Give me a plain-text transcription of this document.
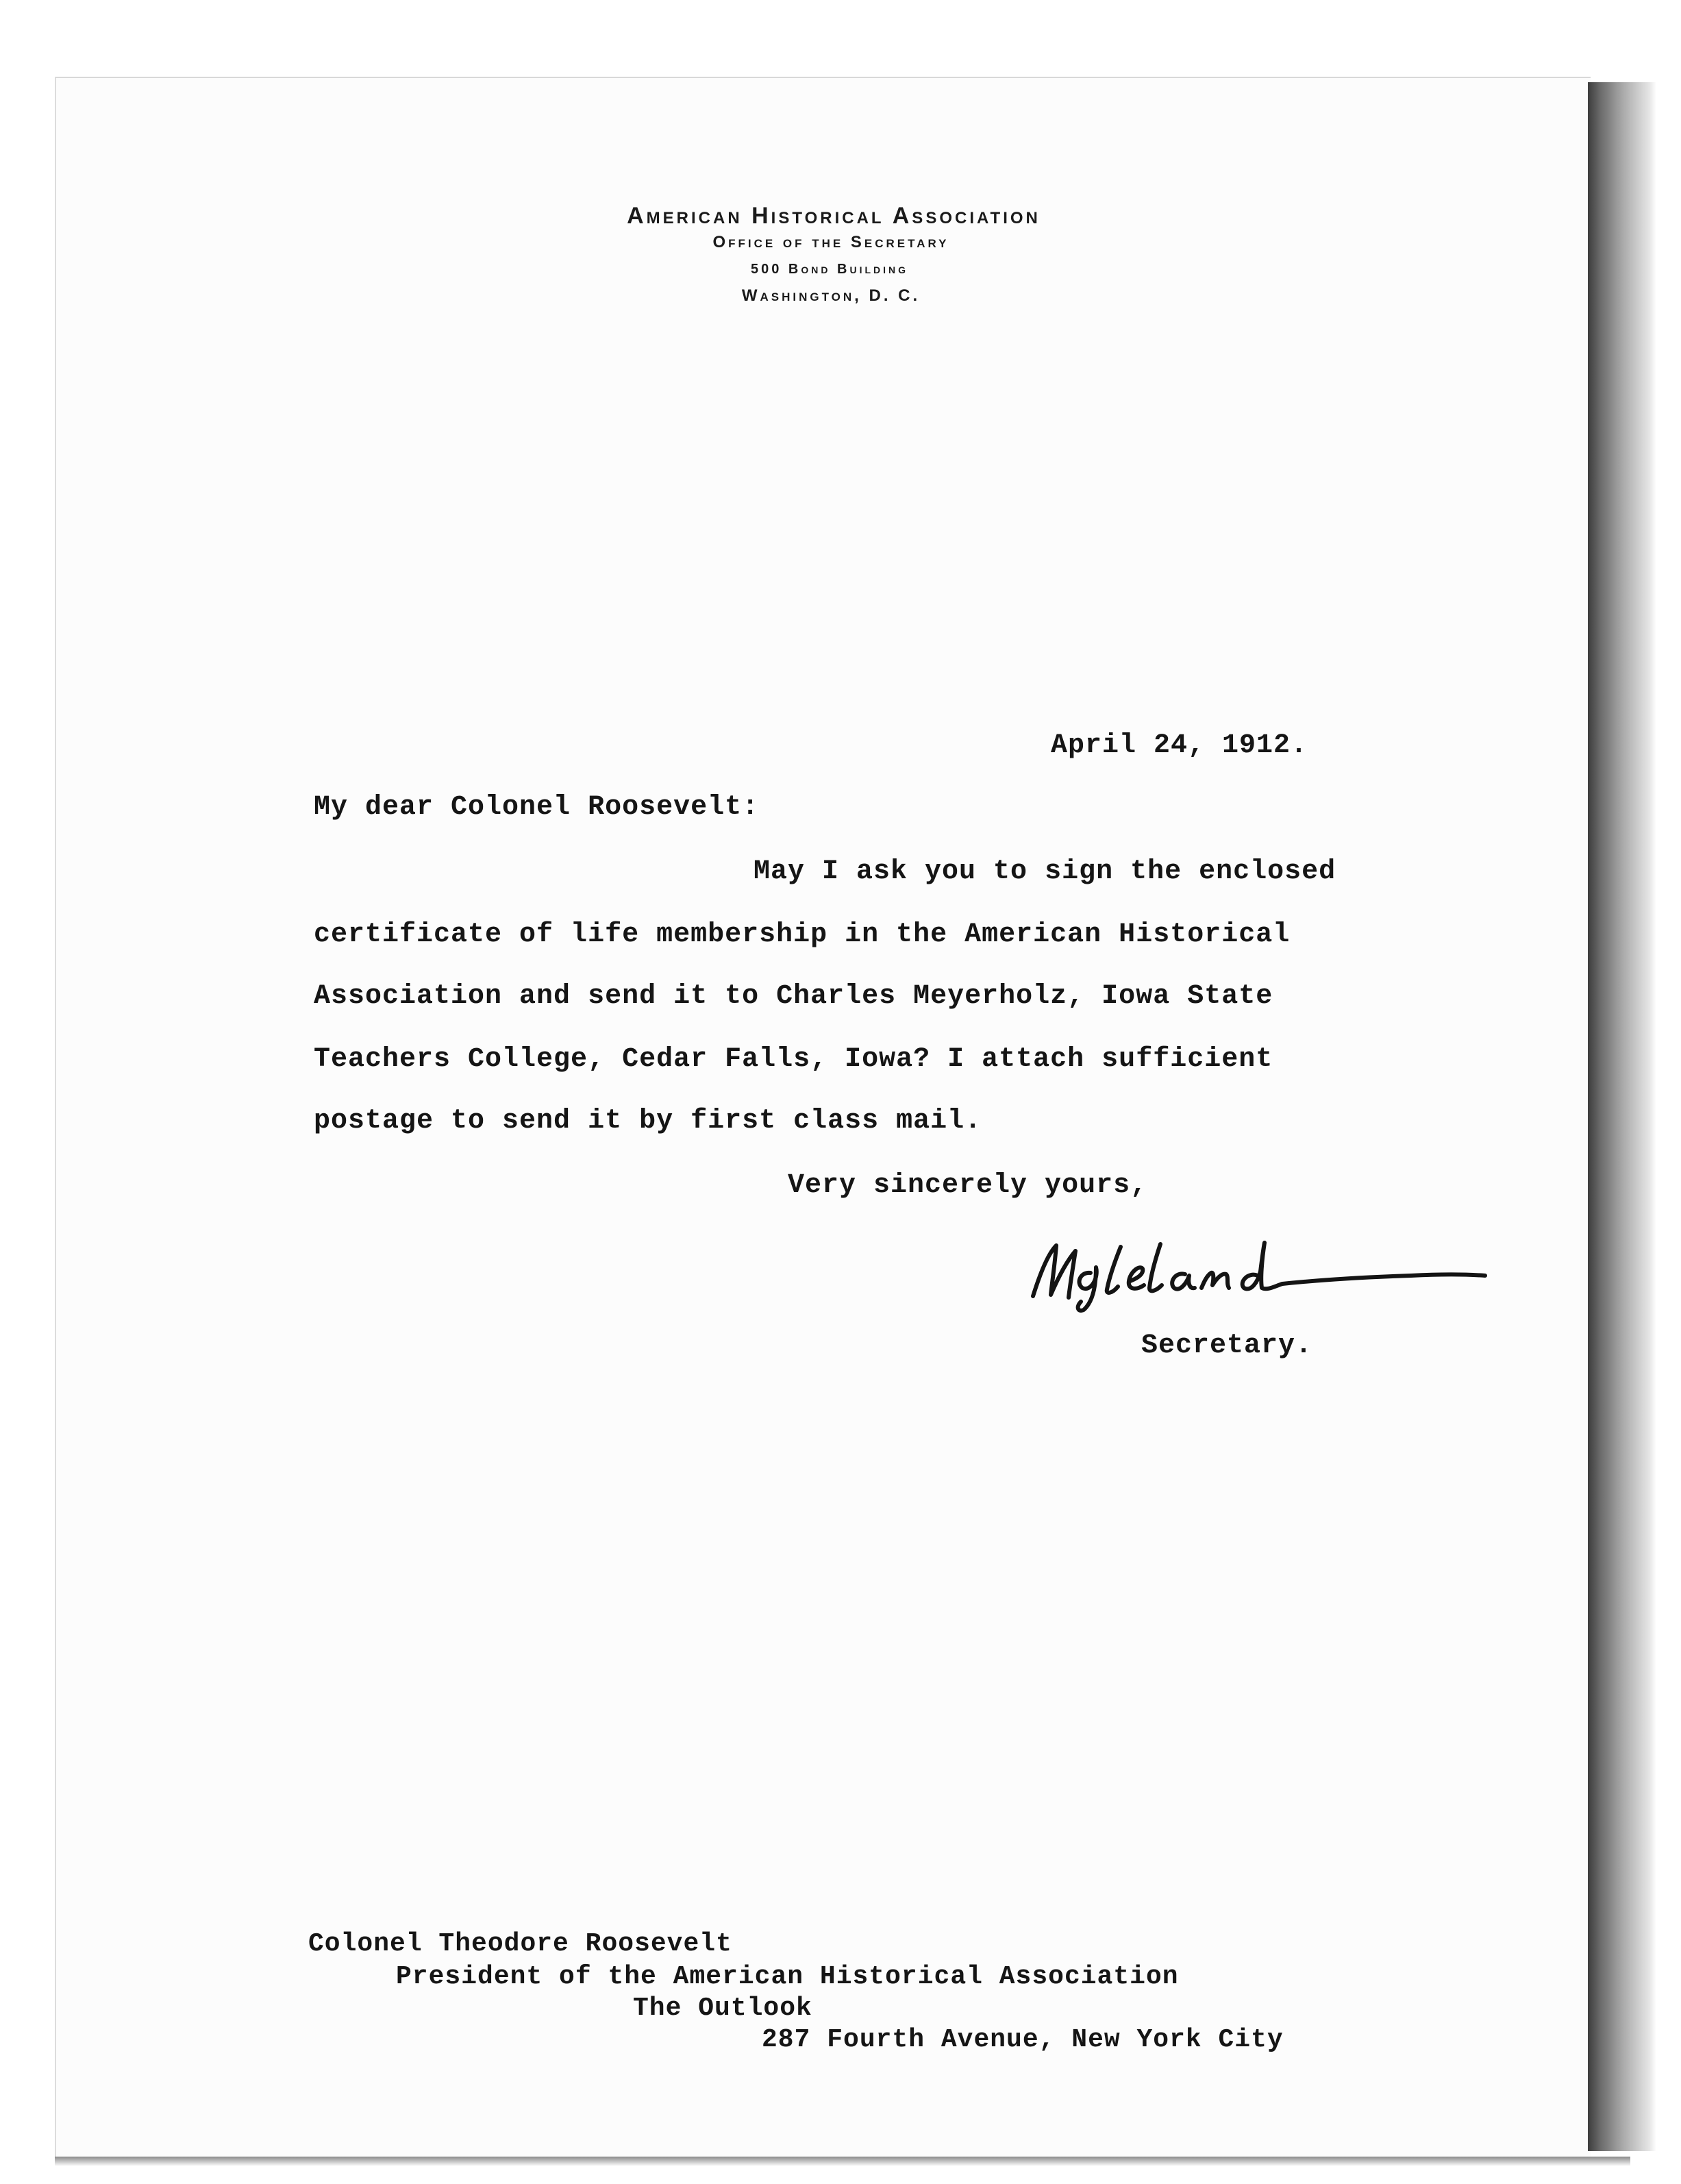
American Historical Association

Office of the Secretary

500 Bond Building

Washington, D. C.

April 24, 1912.

My dear Colonel Roosevelt:

May I ask you to sign the enclosed

certificate of life membership in the American Historical

Association and send it to Charles Meyerholz, Iowa State

Teachers College, Cedar Falls, Iowa? I attach sufficient

postage to send it by first class mail.

Very sincerely yours,

Secretary.

Colonel Theodore Roosevelt

President of the American Historical Association

The Outlook

287 Fourth Avenue, New York City
